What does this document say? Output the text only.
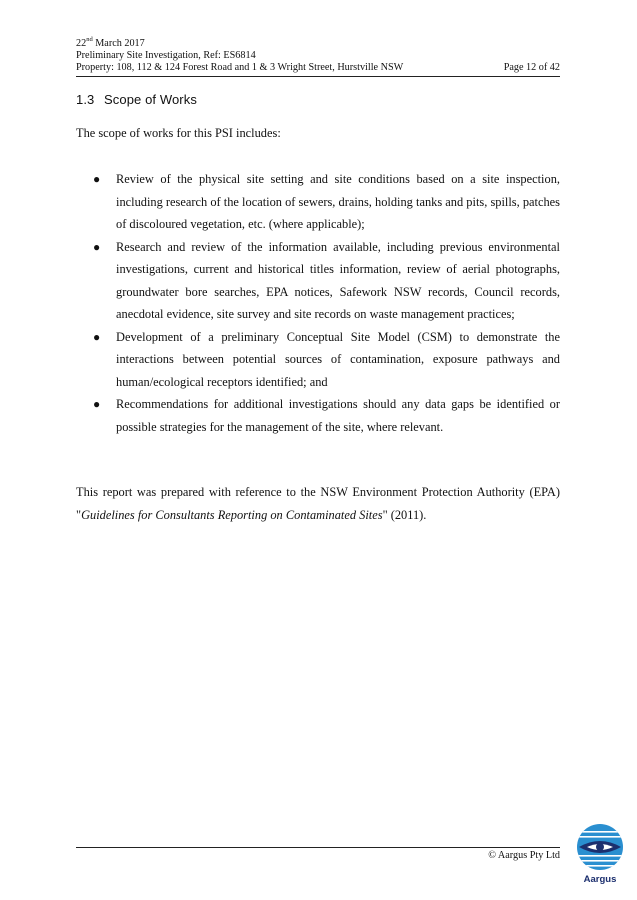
22nd March 2017
Preliminary Site Investigation, Ref: ES6814
Property: 108, 112 & 124 Forest Road and 1 & 3 Wright Street, Hurstville NSW	Page 12 of 42
1.3 Scope of Works

The scope of works for this PSI includes:

● Review of the physical site setting and site conditions based on a site inspection, including research of the location of sewers, drains, holding tanks and pits, spills, patches of discoloured vegetation, etc. (where applicable);
● Research and review of the information available, including previous environmental investigations, current and historical titles information, review of aerial photographs, groundwater bore searches, EPA notices, Safework NSW records, Council records, anecdotal evidence, site survey and site records on waste management practices;
● Development of a preliminary Conceptual Site Model (CSM) to demonstrate the interactions between potential sources of contamination, exposure pathways and human/ecological receptors identified; and
● Recommendations for additional investigations should any data gaps be identified or possible strategies for the management of the site, where relevant.

This report was prepared with reference to the NSW Environment Protection Authority (EPA) "Guidelines for Consultants Reporting on Contaminated Sites" (2011).

© Aargus Pty Ltd
Aargus
